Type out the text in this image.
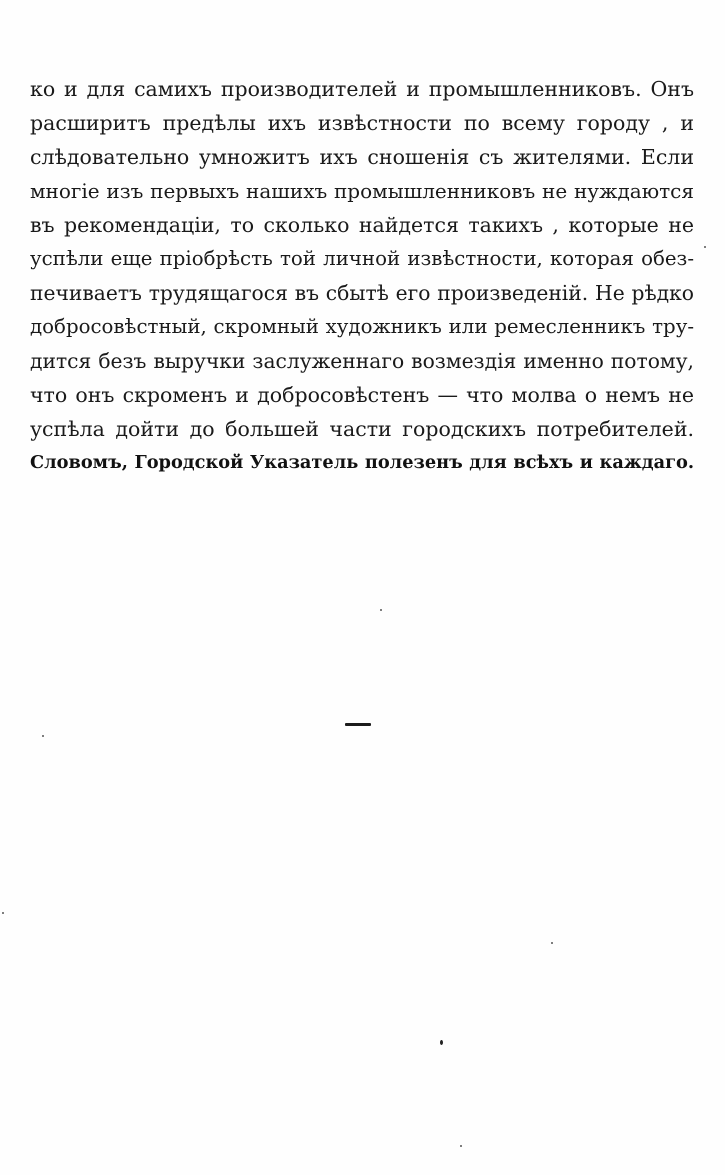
ко и для самихъ производителей и промышленниковъ. Онъ
расширитъ предѣлы ихъ извѣстности по всему городу , и
слѣдовательно умножитъ ихъ сношенія съ жителями. Если
многіе изъ первыхъ нашихъ промышленниковъ не нуждаются
въ рекомендаціи, то сколько найдется такихъ , которые не
успѣли еще пріобрѣсть той личной извѣстности, которая обез-
печиваетъ трудящагося въ сбытѣ его произведеній. Не рѣдко
добросовѣстный, скромный художникъ или ремесленникъ тру-
дится безъ выручки заслуженнаго возмездія именно потому,
что онъ скроменъ и добросовѣстенъ — что молва о немъ не
успѣла дойти до большей части городскихъ потребителей.
Словомъ, Городской Указатель полезенъ для всѣхъ и каждаго.
